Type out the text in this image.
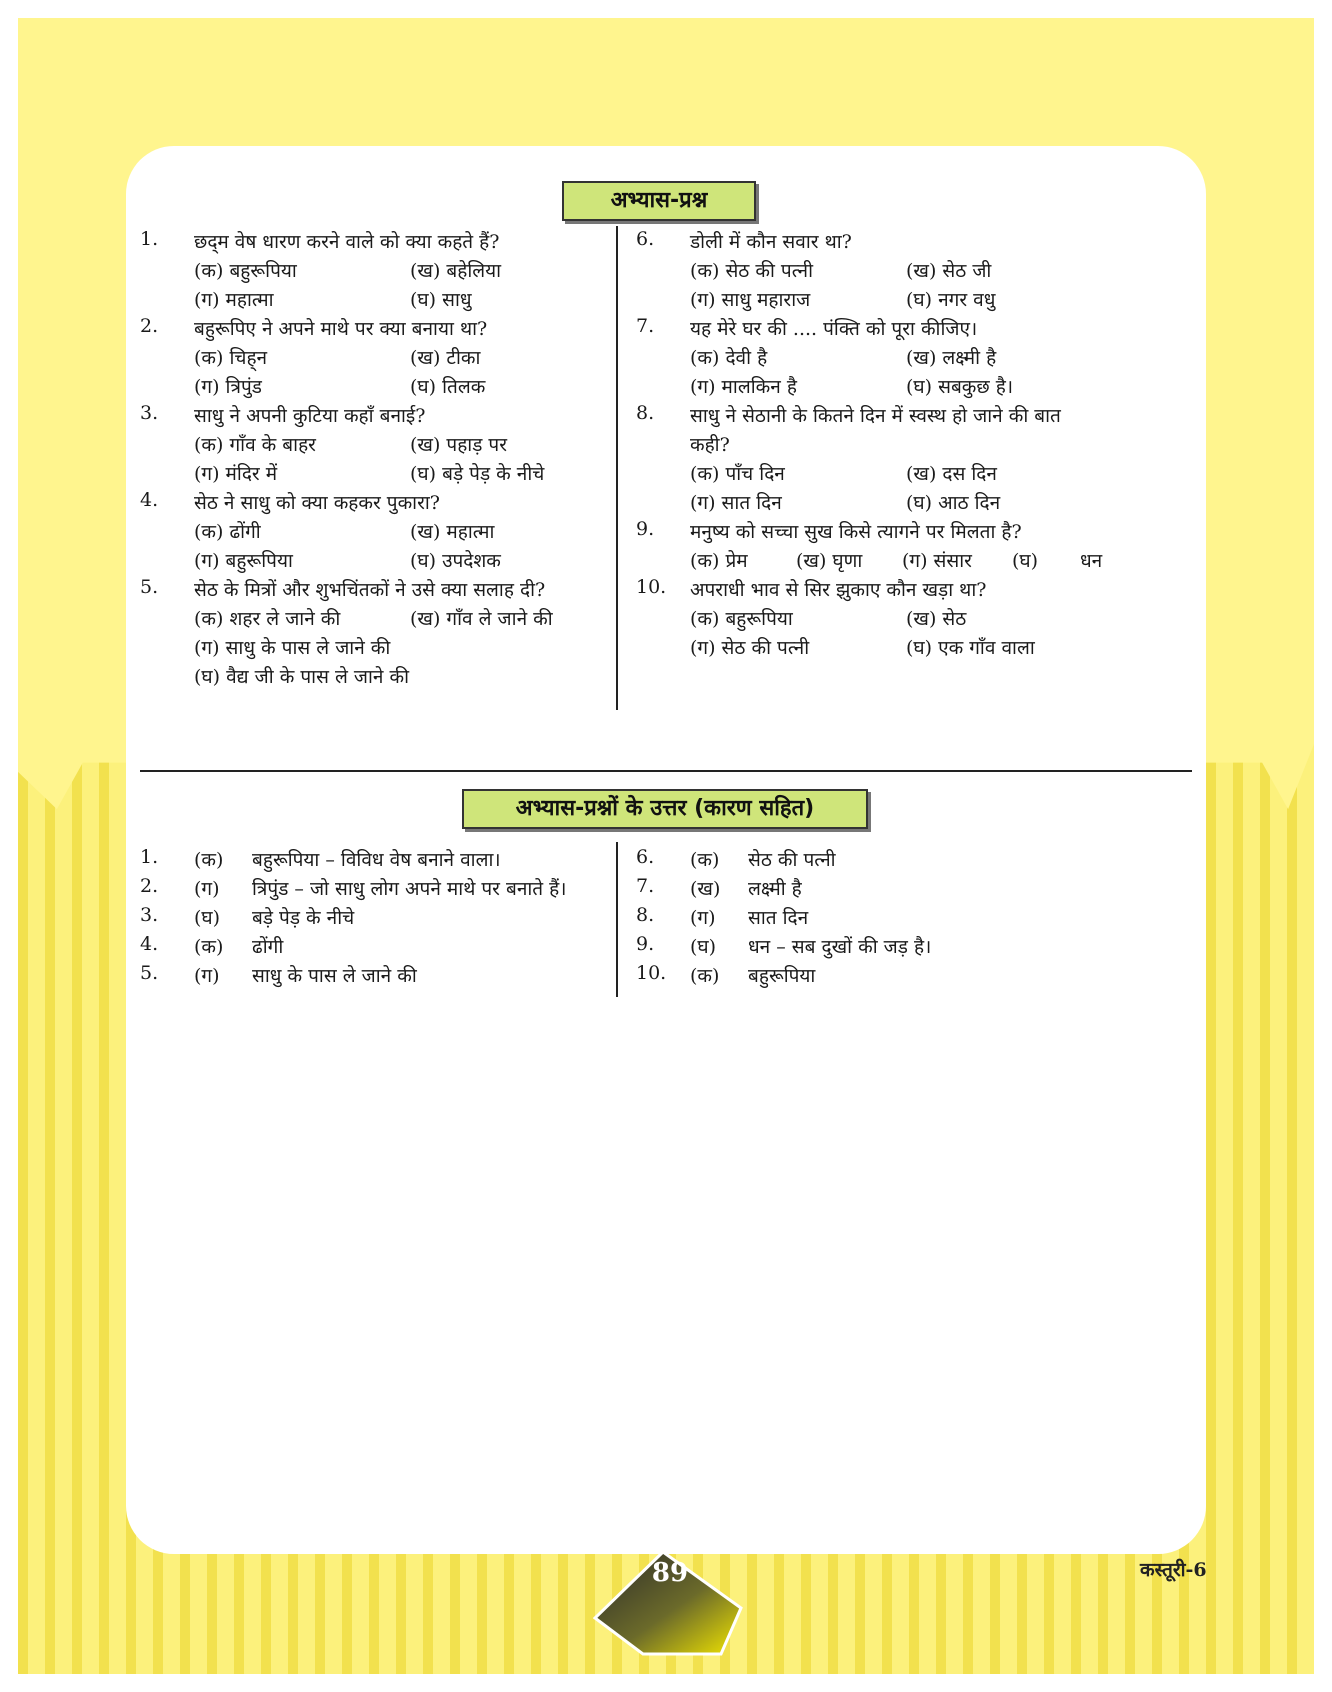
अभ्यास-प्रश्न
1. छद्‌म वेष धारण करने वाले को क्या कहते हैं?
(क) बहुरूपिया	(ख) बहेलिया
(ग) महात्मा	(घ) साधु
2. बहुरूपिए ने अपने माथे पर क्या बनाया था?
(क) चिह्‌न	(ख) टीका
(ग) त्रिपुंड	(घ) तिलक
3. साधु ने अपनी कुटिया कहाँ बनाई?
(क) गाँव के बाहर	(ख) पहाड़ पर
(ग) मंदिर में	(घ) बड़े पेड़ के नीचे
4. सेठ ने साधु को क्या कहकर पुकारा?
(क) ढोंगी	(ख) महात्मा
(ग) बहुरूपिया	(घ) उपदेशक
5. सेठ के मित्रों और शुभचिंतकों ने उसे क्या सलाह दी?
(क) शहर ले जाने की	(ख) गाँव ले जाने की
(ग) साधु के पास ले जाने की
(घ) वैद्य जी के पास ले जाने की
6. डोली में कौन सवार था?
(क) सेठ की पत्नी	(ख) सेठ जी
(ग) साधु महाराज	(घ) नगर वधु
7. यह मेरे घर की .... पंक्ति को पूरा कीजिए।
(क) देवी है	(ख) लक्ष्मी है
(ग) मालकिन है	(घ) सबकुछ है।
8. साधु ने सेठानी के कितने दिन में स्वस्थ हो जाने की बात
कही?
(क) पाँच दिन	(ख) दस दिन
(ग) सात दिन	(घ) आठ दिन
9. मनुष्य को सच्चा सुख किसे त्यागने पर मिलता है?
(क) प्रेम	(ख) घृणा (ग) संसार (घ) धन
10. अपराधी भाव से सिर झुकाए कौन खड़ा था?
(क) बहुरूपिया	(ख) सेठ
(ग) सेठ की पत्नी	(घ) एक गाँव वाला
अभ्यास-प्रश्नों के उत्तर (कारण सहित)
1. (क) बहुरूपिया – विविध वेष बनाने वाला।
2. (ग) त्रिपुंड – जो साधु लोग अपने माथे पर बनाते हैं।
3. (घ) बड़े पेड़ के नीचे
4. (क) ढोंगी
5. (ग) साधु के पास ले जाने की
6. (क) सेठ की पत्नी
7. (ख) लक्ष्मी है
8. (ग) सात दिन
9. (घ) धन – सब दुखों की जड़ है।
10. (क) बहुरूपिया
89	कस्तूरी-6
